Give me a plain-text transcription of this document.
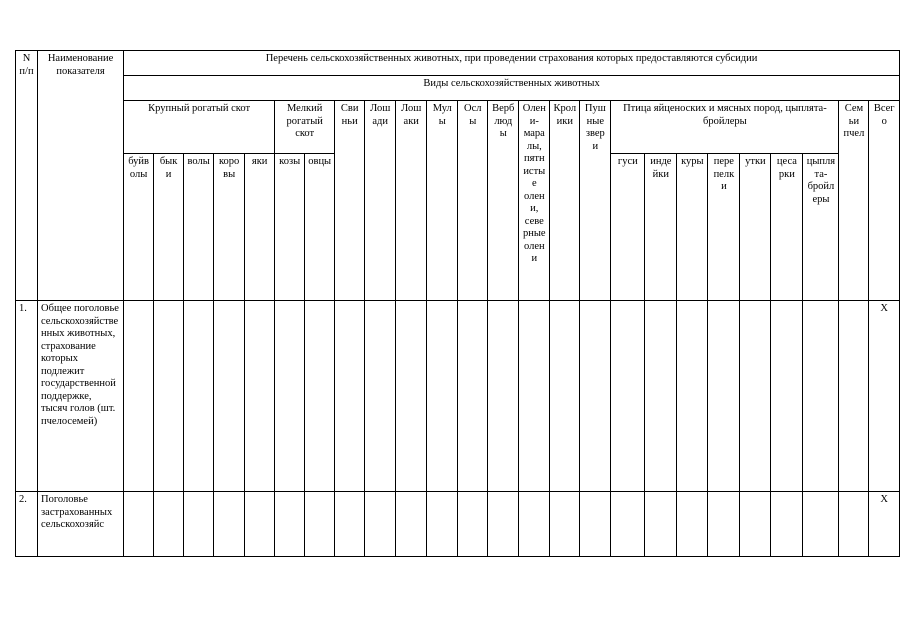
N п/п	Наименование показателя	Перечень сельскохозяйственных животных, при проведении страхования которых предоставляются субсидии																								
		Виды сельскохозяйственных животных																								
		Крупный рогатый скот					Мелкий рогатый скот		Свиньи	Лошади	Лошаки	Мулы	Ослы	Верблюды	Олени-маралы, пятнистые олени, северные олени	Кролики	Пушные звери	Птица яйценоских и мясных пород, цыплята-бройлеры							Семьи пчел	Всего
		буйволы	быки	волы	коровы	яки	козы	овцы										гуси	индейки	куры	перепелки	утки	цесарки	цыплята-бройлеры		
1.	Общее поголовье сельскохозяйственных животных, страхование которых подлежит государственной поддержке, тысяч голов (шт. пчелосемей)																									X
2.	Поголовье застрахованных сельскохозяйс																									X
